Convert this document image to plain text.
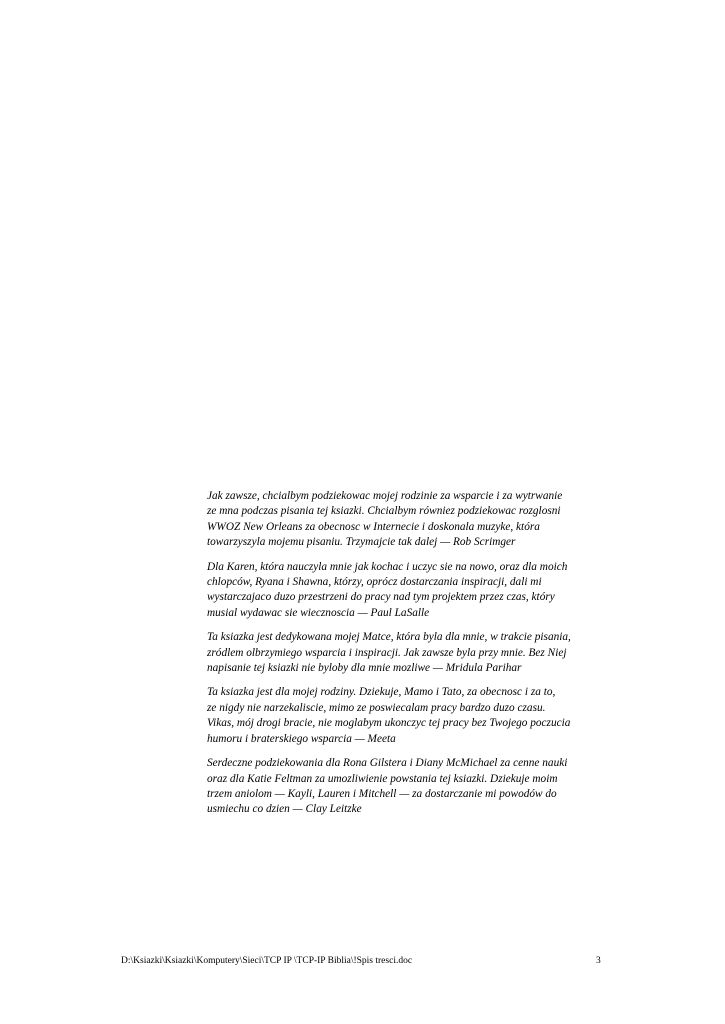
Jak zawsze, chcialbym podziekowac mojej rodzinie za wsparcie i za wytrwanie
ze mna podczas pisania tej ksiazki. Chcialbym równiez podziekowac rozglosni
WWOZ New Orleans za obecnosc w Internecie i doskonala muzyke, która
towarzyszyla mojemu pisaniu. Trzymajcie tak dalej — Rob Scrimger

Dla Karen, która nauczyla mnie jak kochac i uczyc sie na nowo, oraz dla moich
chlopców, Ryana i Shawna, którzy, oprócz dostarczania inspiracji, dali mi
wystarczajaco duzo przestrzeni do pracy nad tym projektem przez czas, który
musial wydawac sie wiecznoscia — Paul LaSalle

Ta ksiazka jest dedykowana mojej Matce, która byla dla mnie, w trakcie pisania,
zródlem olbrzymiego wsparcia i inspiracji. Jak zawsze byla przy mnie. Bez Niej
napisanie tej ksiazki nie byloby dla mnie mozliwe — Mridula Parihar

Ta ksiazka jest dla mojej rodziny. Dziekuje, Mamo i Tato, za obecnosc i za to,
ze nigdy nie narzekaliscie, mimo ze poswiecalam pracy bardzo duzo czasu.
Vikas, mój drogi bracie, nie moglabym ukonczyc tej pracy bez Twojego poczucia
humoru i braterskiego wsparcia — Meeta

Serdeczne podziekowania dla Rona Gilstera i Diany McMichael za cenne nauki
oraz dla Katie Feltman za umozliwienie powstania tej ksiazki. Dziekuje moim
trzem aniolom — Kayli, Lauren i Mitchell — za dostarczanie mi powodów do
usmiechu co dzien — Clay Leitzke

D:\Ksiazki\Ksiazki\Komputery\Sieci\TCP IP \TCP-IP Biblia\!Spis tresci.doc	3
